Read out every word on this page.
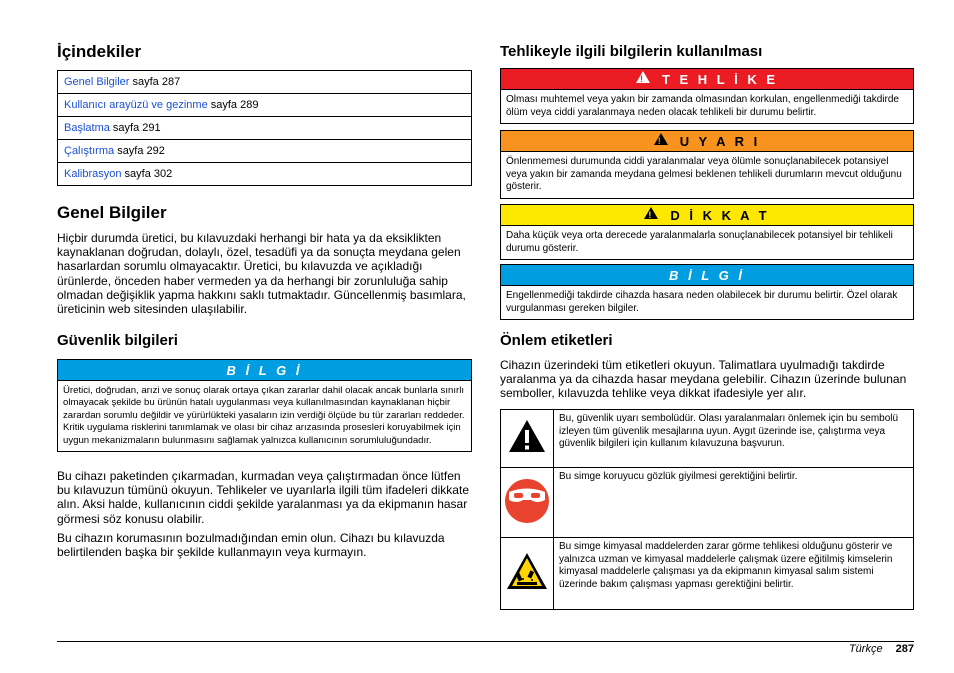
İçindekiler
Genel Bilgiler sayfa 287
Kullanıcı arayüzü ve gezinme sayfa 289
Başlatma sayfa 291
Çalıştırma sayfa 292
Kalibrasyon sayfa 302
Genel Bilgiler

Hiçbir durumda üretici, bu kılavuzdaki herhangi bir hata ya da eksiklikten kaynaklanan doğrudan, dolaylı, özel, tesadüfi ya da sonuçta meydana gelen hasarlardan sorumlu olmayacaktır. Üretici, bu kılavuzda ve açıkladığı ürünlerde, önceden haber vermeden ya da herhangi bir zorunluluğa sahip olmadan değişiklik yapma hakkını saklı tutmaktadır. Güncellenmiş basımlara, üreticinin web sitesinden ulaşılabilir.

Güvenlik bilgileri
B İ L G İ
Üretici, doğrudan, arızi ve sonuç olarak ortaya çıkan zararlar dahil olacak ancak bunlarla sınırlı olmayacak şekilde bu ürünün hatalı uygulanması veya kullanılmasından kaynaklanan hiçbir zarardan sorumlu değildir ve yürürlükteki yasaların izin verdiği ölçüde bu tür zararları reddeder. Kritik uygulama risklerini tanımlamak ve olası bir cihaz arızasında prosesleri koruyabilmek için uygun mekanizmaların bulunmasını sağlamak yalnızca kullanıcının sorumluluğundadır.

Bu cihazı paketinden çıkarmadan, kurmadan veya çalıştırmadan önce lütfen bu kılavuzun tümünü okuyun. Tehlikeler ve uyarılarla ilgili tüm ifadeleri dikkate alın. Aksi halde, kullanıcının ciddi şekilde yaralanması ya da ekipmanın hasar görmesi söz konusu olabilir.

Bu cihazın korumasının bozulmadığından emin olun. Cihazı bu kılavuzda belirtilenden başka bir şekilde kullanmayın veya kurmayın.

Tehlikeyle ilgili bilgilerin kullanılması
!	T E H L İ K E
Olması muhtemel veya yakın bir zamanda olmasından korkulan, engellenmediği takdirde ölüm veya ciddi yaralanmaya neden olacak tehlikeli bir durumu belirtir.
!	U Y A R I
Önlenmemesi durumunda ciddi yaralanmalar veya ölümle sonuçlanabilecek potansiyel veya yakın bir zamanda meydana gelmesi beklenen tehlikeli durumların mevcut olduğunu gösterir.
!	D İ K K A T
Daha küçük veya orta derecede yaralanmalarla sonuçlanabilecek potansiyel bir tehlikeli durumu gösterir.
B İ L G İ
Engellenmediği takdirde cihazda hasara neden olabilecek bir durumu belirtir. Özel olarak vurgulanması gereken bilgiler.
Önlem etiketleri

Cihazın üzerindeki tüm etiketleri okuyun. Talimatlara uyulmadığı takdirde yaralanma ya da cihazda hasar meydana gelebilir. Cihazın üzerinde bulunan semboller, kılavuzda tehlike veya dikkat ifadesiyle yer alır.

	Bu, güvenlik uyarı sembolüdür. Olası yaralanmaları önlemek için bu sembolü izleyen tüm güvenlik mesajlarına uyun. Aygıt üzerinde ise, çalıştırma veya güvenlik bilgileri için kullanım kılavuzuna başvurun.
	Bu simge koruyucu gözlük giyilmesi gerektiğini belirtir.
	Bu simge kimyasal maddelerden zarar görme tehlikesi olduğunu gösterir ve yalnızca uzman ve kimyasal maddelerle çalışmak üzere eğitilmiş kimselerin kimyasal maddelerle çalışması ya da ekipmanın kimyasal salım sistemi üzerinde bakım çalışması yapması gerektiğini belirtir.
Türkçe 287
